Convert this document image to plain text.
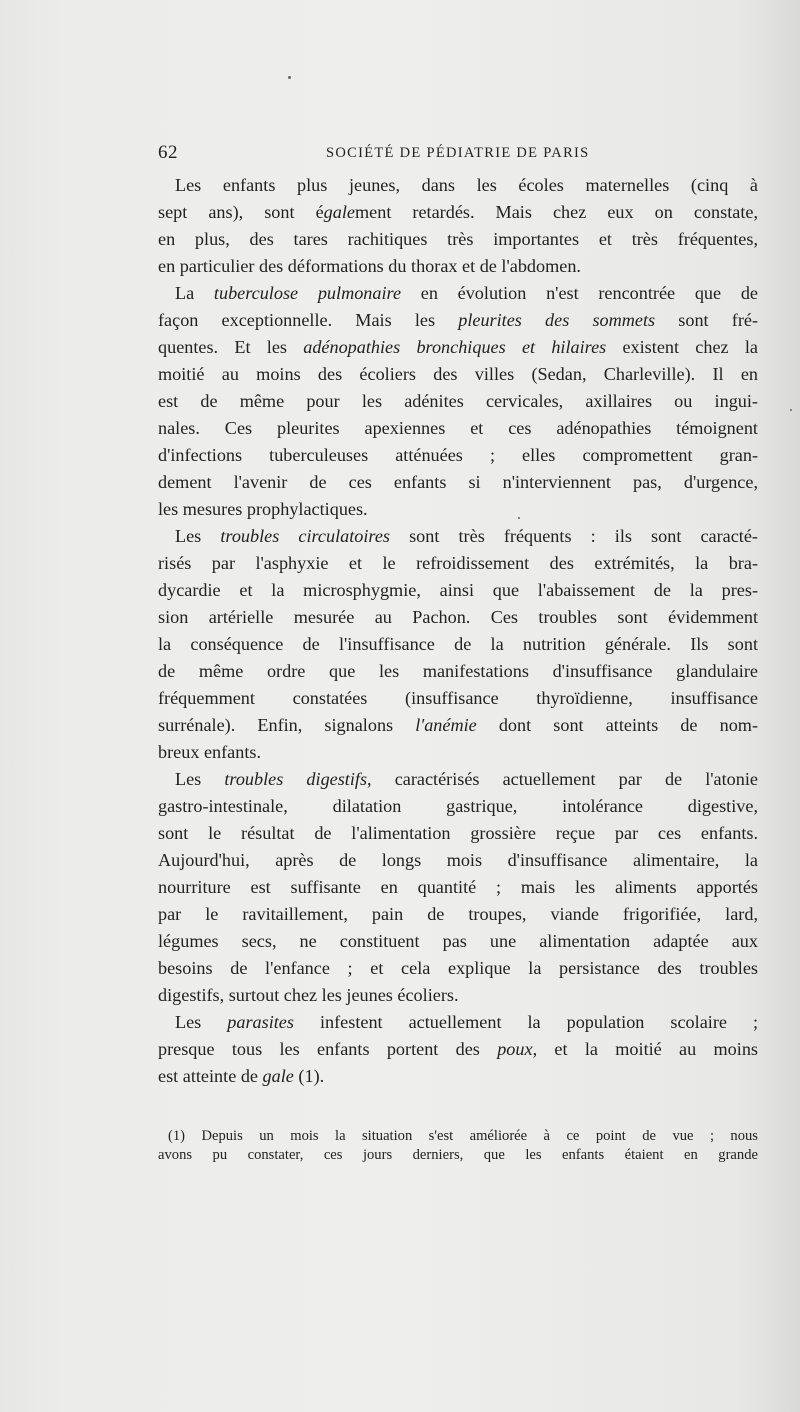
62	SOCIÉTÉ DE PÉDIATRIE DE PARIS
Les enfants plus jeunes, dans les écoles maternelles (cinq à
sept ans), sont également retardés. Mais chez eux on constate,
en plus, des tares rachitiques très importantes et très fréquentes,
en particulier des déformations du thorax et de l'abdomen.
La tuberculose pulmonaire en évolution n'est rencontrée que de
façon exceptionnelle. Mais les pleurites des sommets sont fré-
quentes. Et les adénopathies bronchiques et hilaires existent chez la
moitié au moins des écoliers des villes (Sedan, Charleville). Il en
est de même pour les adénites cervicales, axillaires ou ingui-
nales. Ces pleurites apexiennes et ces adénopathies témoignent
d'infections tuberculeuses atténuées ; elles compromettent gran-
dement l'avenir de ces enfants si n'interviennent pas, d'urgence,
les mesures prophylactiques.
Les troubles circulatoires sont très fréquents : ils sont caracté-
risés par l'asphyxie et le refroidissement des extrémités, la bra-
dycardie et la microsphygmie, ainsi que l'abaissement de la pres-
sion artérielle mesurée au Pachon. Ces troubles sont évidemment
la conséquence de l'insuffisance de la nutrition générale. Ils sont
de même ordre que les manifestations d'insuffisance glandulaire
fréquemment constatées (insuffisance thyroïdienne, insuffisance
surrénale). Enfin, signalons l'anémie dont sont atteints de nom-
breux enfants.
Les troubles digestifs, caractérisés actuellement par de l'atonie
gastro-intestinale, dilatation gastrique, intolérance digestive,
sont le résultat de l'alimentation grossière reçue par ces enfants.
Aujourd'hui, après de longs mois d'insuffisance alimentaire, la
nourriture est suffisante en quantité ; mais les aliments apportés
par le ravitaillement, pain de troupes, viande frigorifiée, lard,
légumes secs, ne constituent pas une alimentation adaptée aux
besoins de l'enfance ; et cela explique la persistance des troubles
digestifs, surtout chez les jeunes écoliers.
Les parasites infestent actuellement la population scolaire ;
presque tous les enfants portent des poux, et la moitié au moins
est atteinte de gale (1).
(1) Depuis un mois la situation s'est améliorée à ce point de vue ; nous
avons pu constater, ces jours derniers, que les enfants étaient en grande
